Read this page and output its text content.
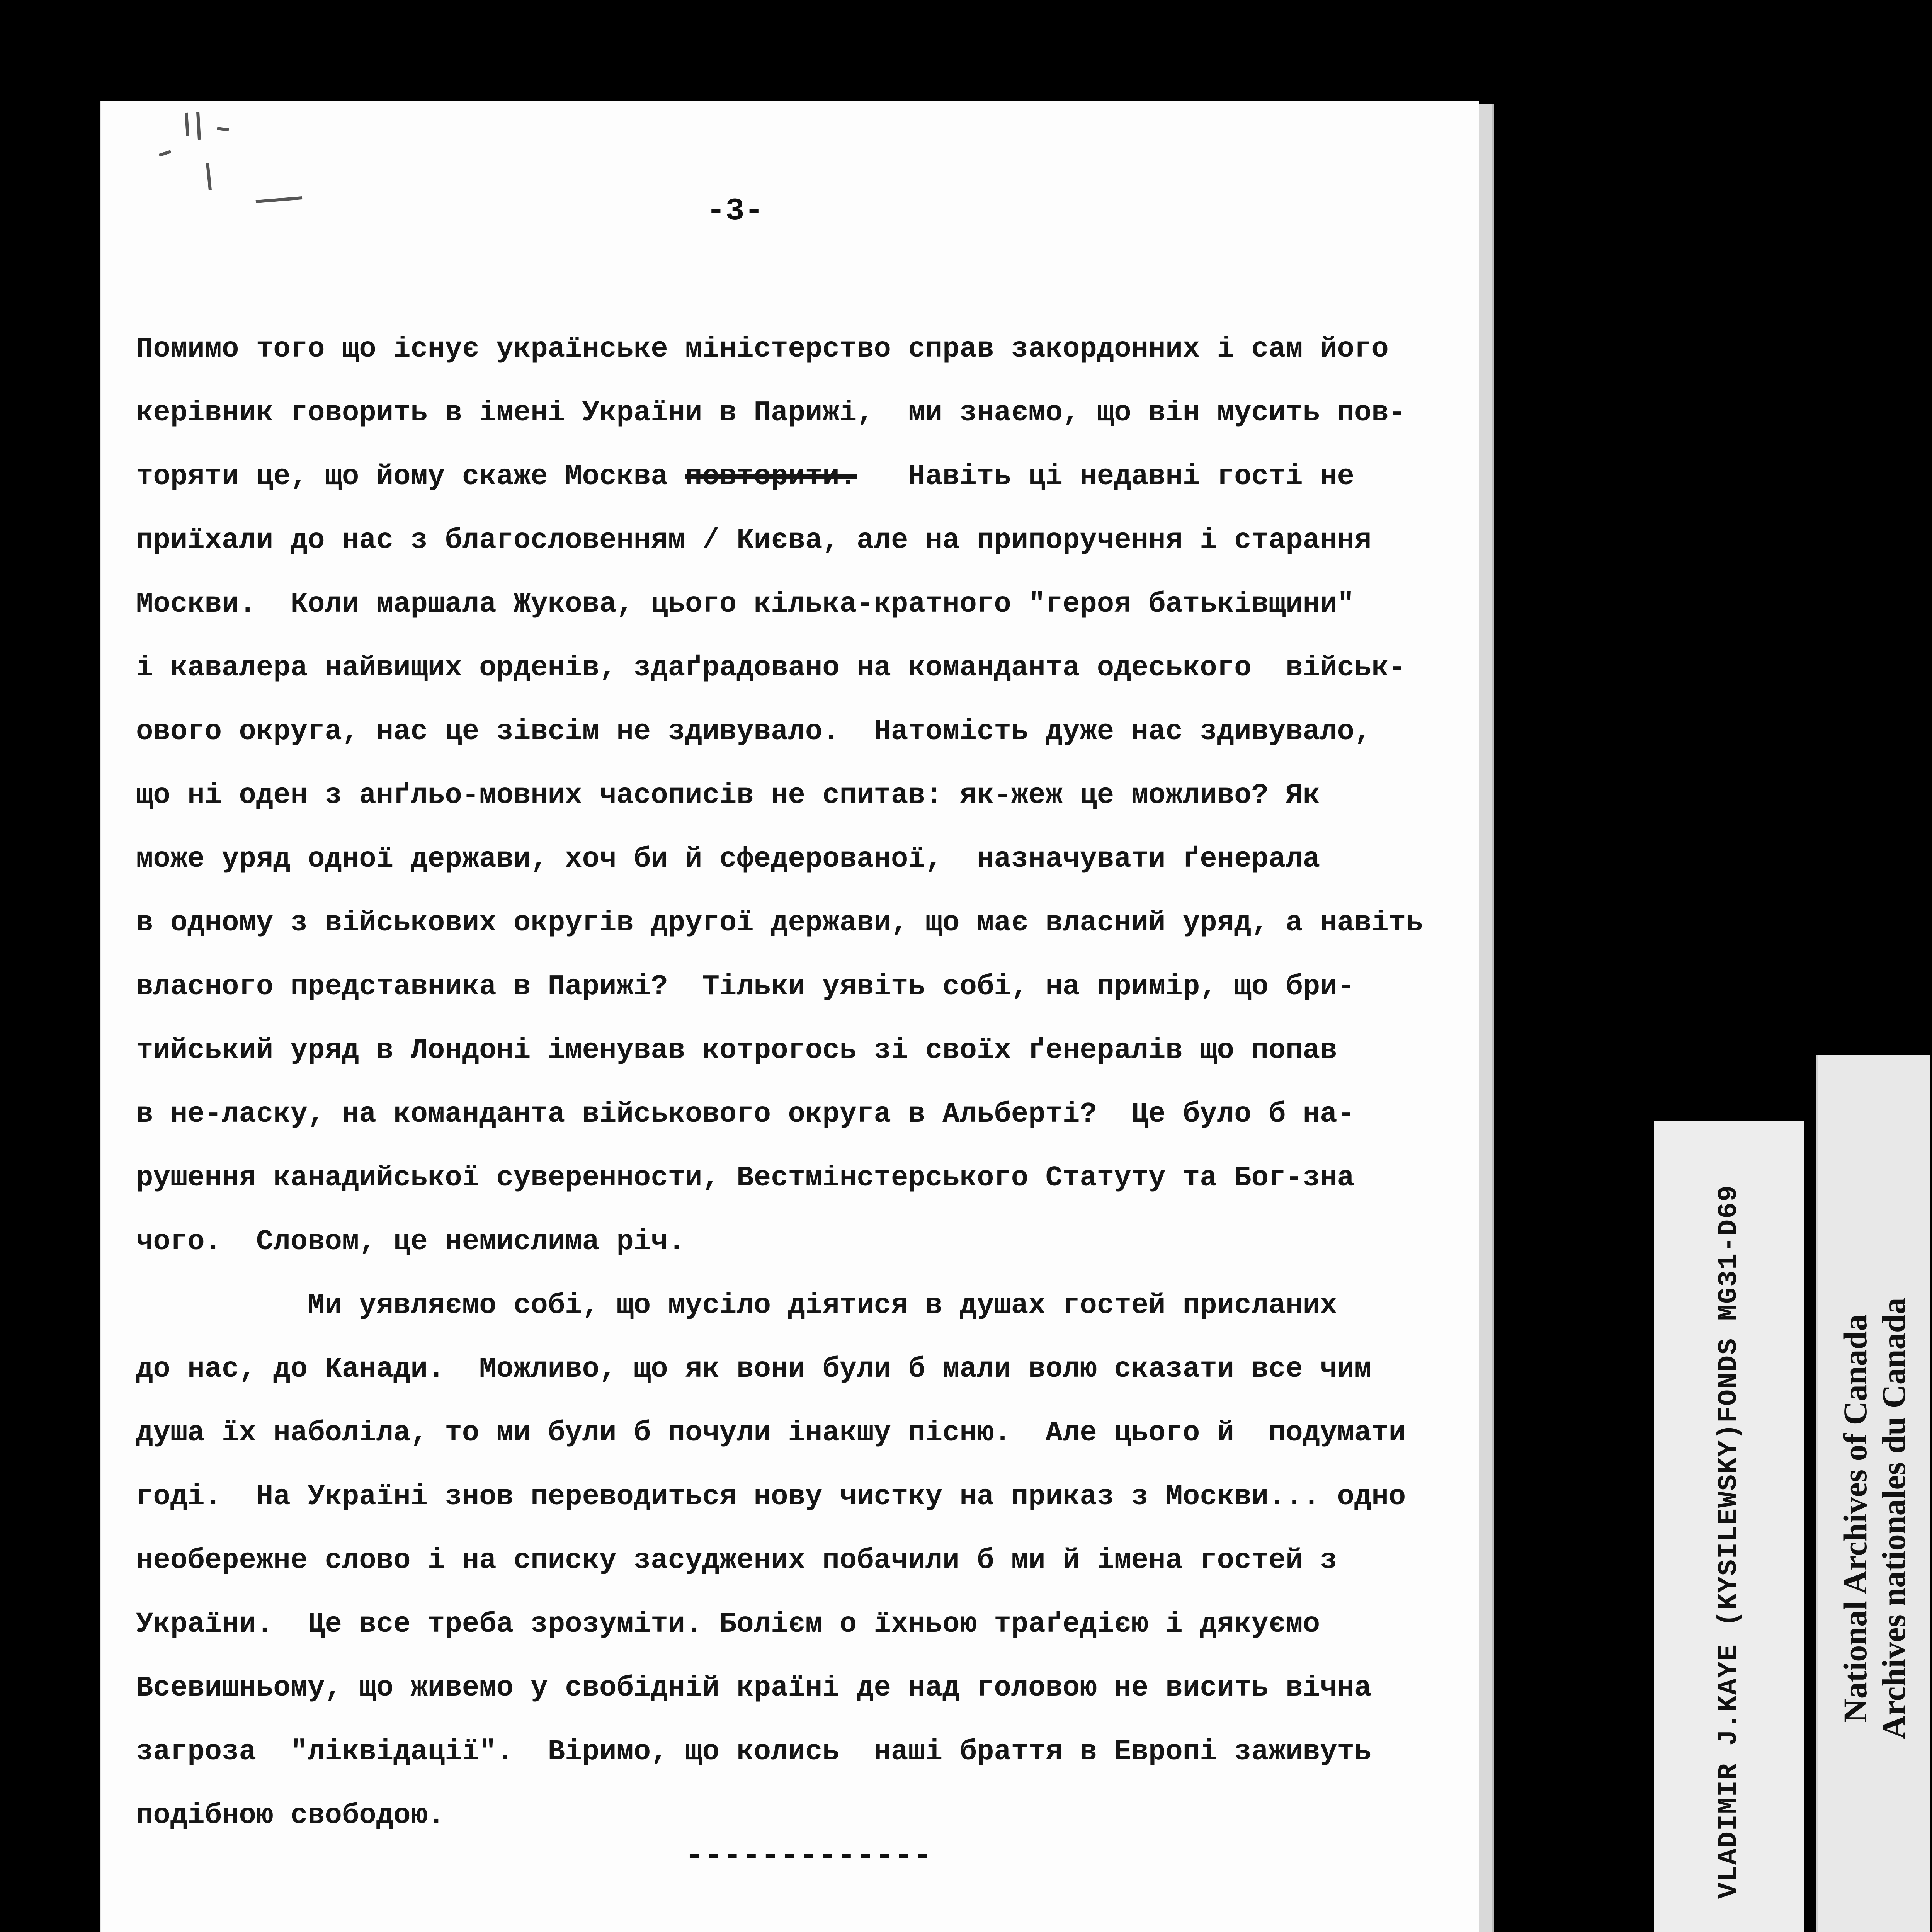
-3-
Помимо того що існує українське міністерство справ закордонних і сам його
керівник говорить в імені України в Парижі,  ми знаємо, що він мусить пов-
торяти це, що йому скаже Москва повторити.   Навіть ці недавні гості не
приїхали до нас з благословенням / Києва, але на припоручення і старання
Москви.  Коли маршала Жукова, цього кілька-кратного "героя батьківщини"
і кавалера найвищих орденів, здаґрадовано на команданта одеського  військ-
ового округа, нас це зівсім не здивувало.  Натомість дуже нас здивувало,
що ні оден з анґльо-мовних часописів не спитав: як-жеж це можливо? Як
може уряд одної держави, хоч би й сфедерованої,  назначувати ґенерала
в одному з військових округів другої держави, що має власний уряд, а навіть
власного представника в Парижі?  Тільки уявіть собі, на примір, що бри-
тийський уряд в Лондоні іменував котрогось зі своїх ґенералів що попав
в не-ласку, на команданта військового округа в Альберті?  Це було б на-
рушення канадийської суверенности, Вестмінстерського Статуту та Бог-зна
чого.  Словом, це немислима річ.
Ми уявляємо собі, що мусіло діятися в душах гостей присланих
до нас, до Канади.  Можливо, що як вони були б мали волю сказати все чим
душа їх наболіла, то ми були б почули інакшу пісню.  Але цього й  подумати
годі.  На Україні знов переводиться нову чистку на приказ з Москви... одно
необережне слово і на списку засуджених побачили б ми й імена гостей з
України.  Це все треба зрозуміти. Болієм о їхньою траґедією і дякуємо
Всевишньому, що живемо у свобідній країні де над головою не висить вічна
загроза  "ліквідації".  Віримо, що колись  наші браття в Европі заживуть
подібною свободою.
-------------	VLADIMIR J.KAYE (KYSILEWSKY)FONDS MG31-D69	National Archives of Canada Archives nationales du Canada
